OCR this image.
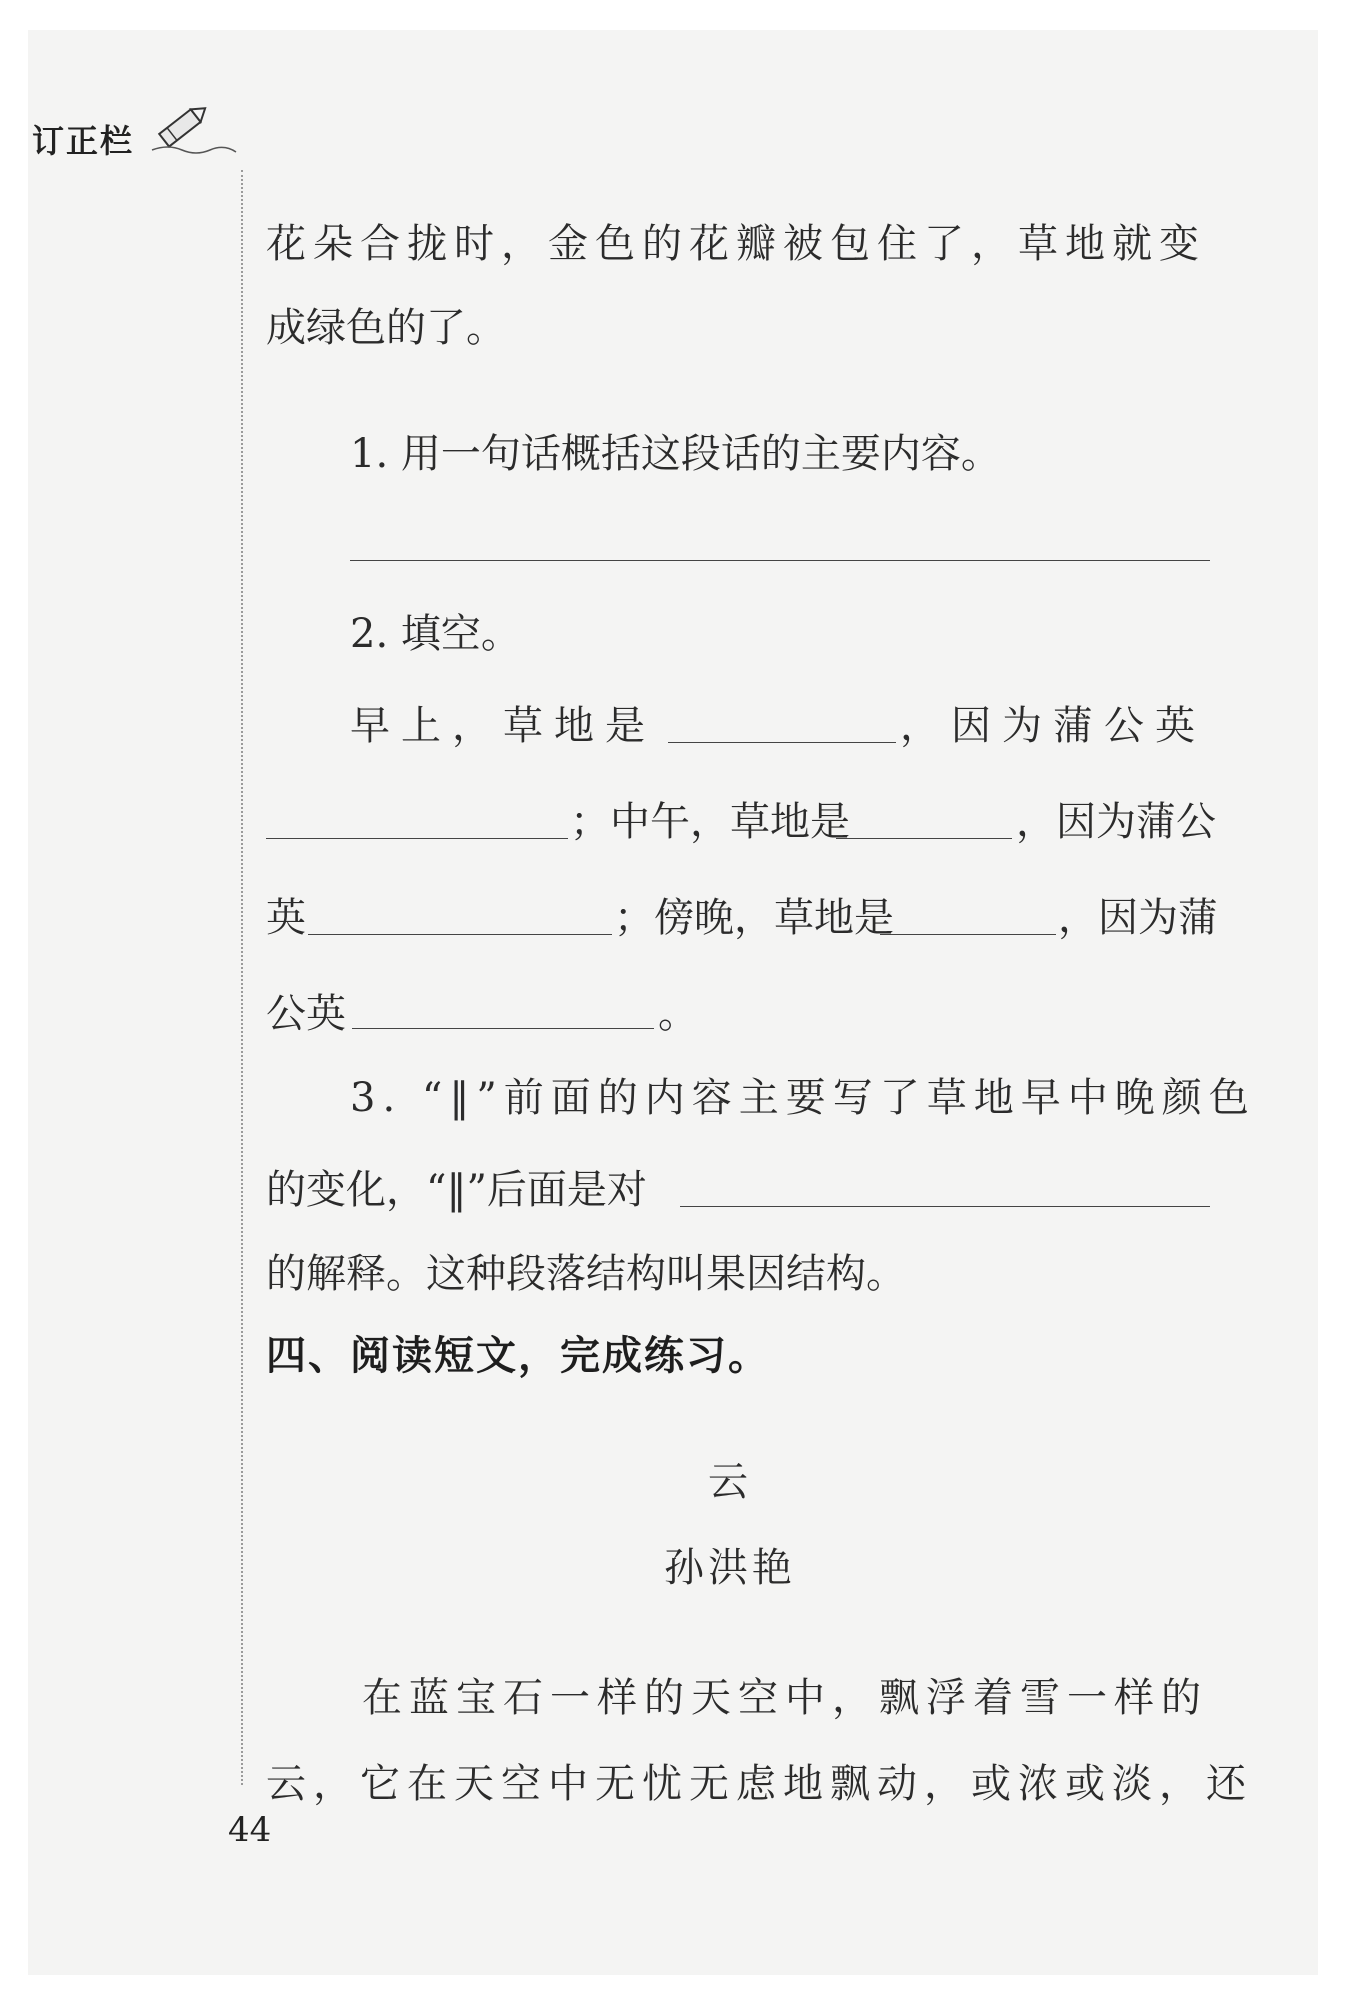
订正栏
花朵合拢时，金色的花瓣被包住了，草地就变
成绿色的了。
1. 用一句话概括这段话的主要内容。
2. 填空。
早上，草地是	，因为蒲公英
；中午，草地是	，因为蒲公
英	；傍晚，草地是	，因为蒲
公英	。
3. “‖”前面的内容主要写了草地早中晚颜色
的变化，“‖”后面是对
的解释。这种段落结构叫果因结构。
四、阅读短文，完成练习。
云
孙洪艳
在蓝宝石一样的天空中，飘浮着雪一样的
云，它在天空中无忧无虑地飘动，或浓或淡，还
44
